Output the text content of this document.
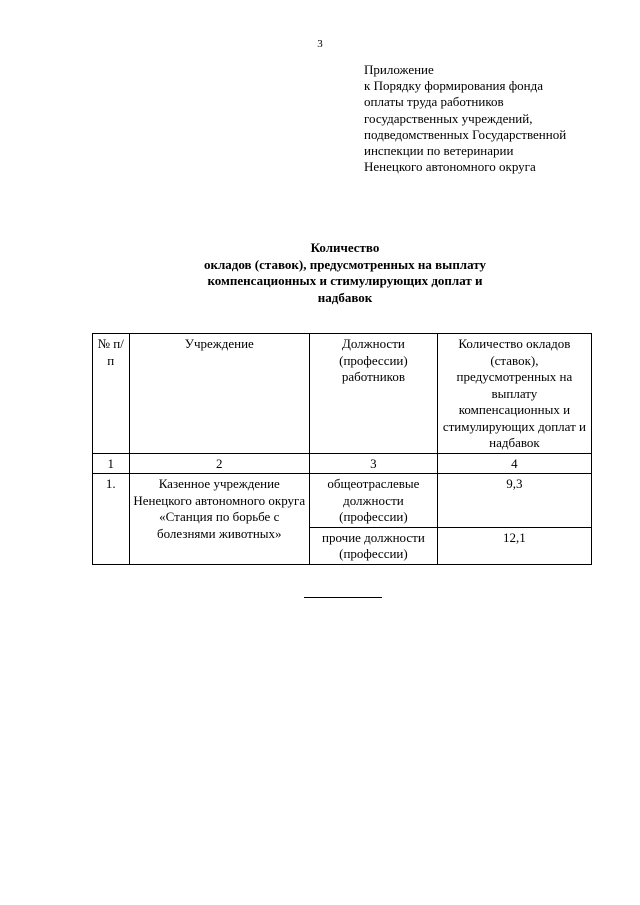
3
Приложение
к Порядку формирования фонда
оплаты труда работников
государственных учреждений,
подведомственных Государственной
инспекции по ветеринарии
Ненецкого автономного округа
Количество
окладов (ставок), предусмотренных на выплату
компенсационных и стимулирующих доплат и
надбавок
№ п/п	Учреждение	Должности (профессии) работников	Количество окладов (ставок), предусмотренных на выплату компенсационных и стимулирующих доплат и надбавок
1	2	3	4
1.	Казенное учреждение Ненецкого автономного округа «Станция по борьбе с болезнями животных»	общеотраслевые должности (профессии)	9,3
		прочие должности (профессии)	12,1
